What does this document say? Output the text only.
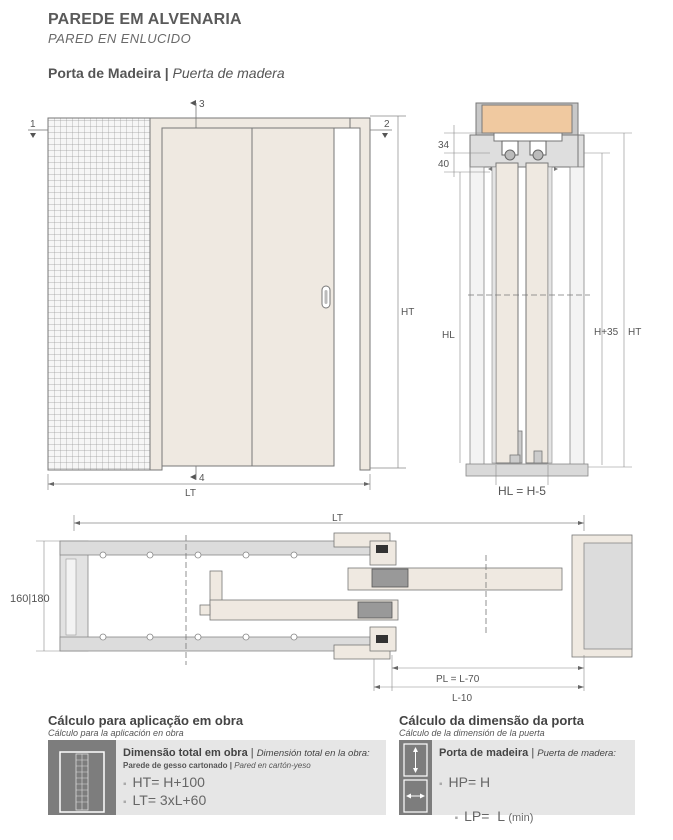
PAREDE EM ALVENARIA
PARED EN ENLUCIDO
Porta de Madeira | Puerta de madera
1	2
3
4
HT
LT
34
40
HL	H+35 HT
HL = H-5
LT
160|180
PL = L-70
L-10
Cálculo para aplicação em obra
Cálculo para la aplicación en obra
Dimensão total em obra | Dimensión total en la obra:
Parede de gesso cartonado | Pared en cartón-yeso
▪ HT= H+100
▪ LT= 3xL+60
Cálculo da dimensão da porta
Cálculo de la dimensión de la puerta
Porta de madeira | Puerta de madera:
▪ HP= H

▪ LP=  L (min)
